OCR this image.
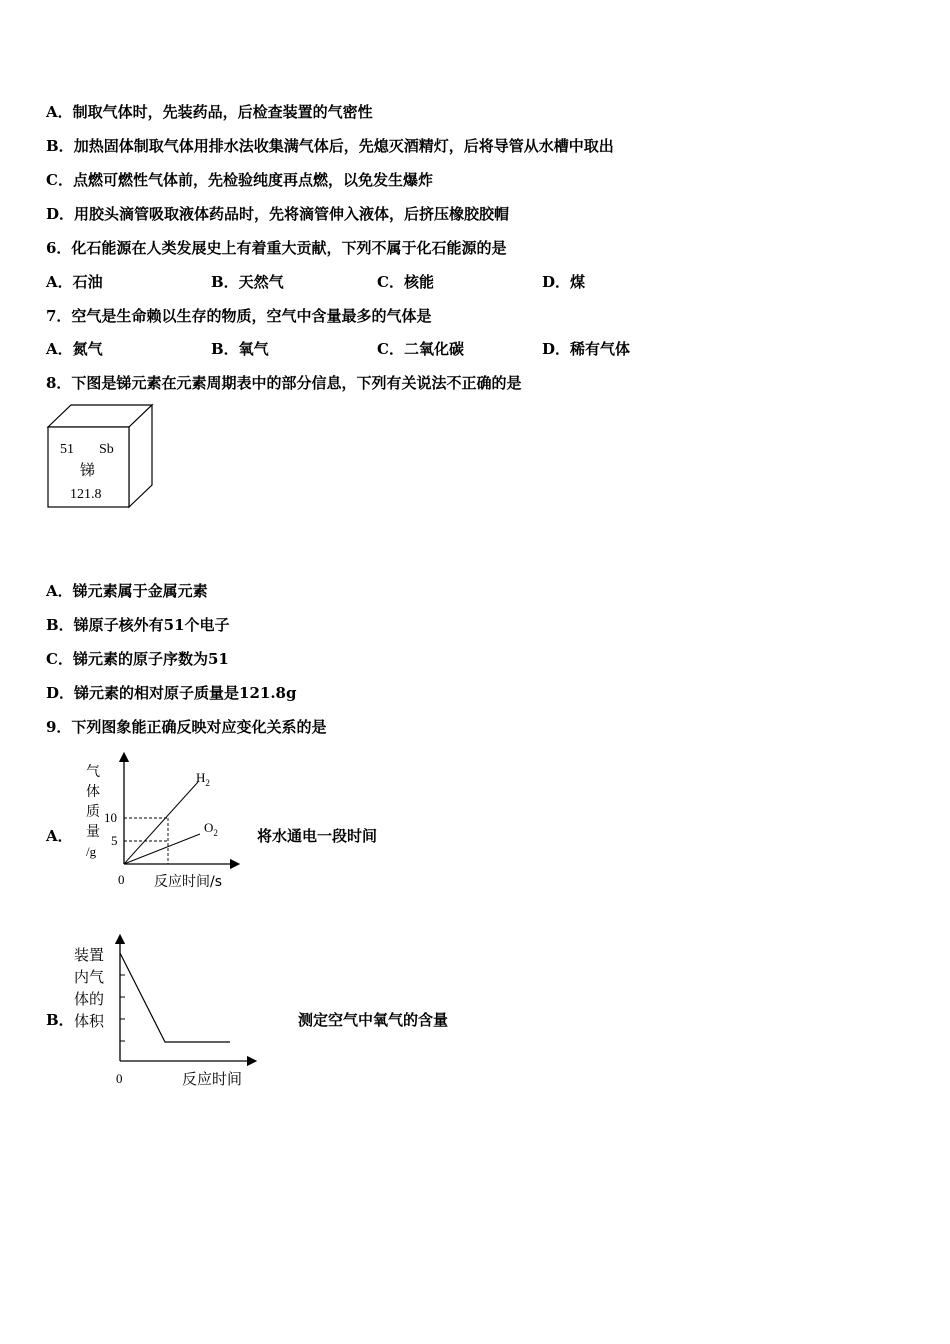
A．制取气体时，先装药品，后检查装置的气密性
B．加热固体制取气体用排水法收集满气体后，先熄灭酒精灯，后将导管从水槽中取出
C．点燃可燃性气体前，先检验纯度再点燃，以免发生爆炸
D．用胶头滴管吸取液体药品时，先将滴管伸入液体，后挤压橡胶胶帽
6．化石能源在人类发展史上有着重大贡献，下列不属于化石能源的是
A．石油	B．天然气	C．核能	D．煤
7．空气是生命赖以生存的物质，空气中含量最多的气体是
A．氮气	B．氧气	C．二氧化碳	D．稀有气体
8．下图是锑元素在元素周期表中的部分信息，下列有关说法不正确的是
51 Sb
锑
121.8
A．锑元素属于金属元素
B．锑原子核外有51个电子
C．锑元素的原子序数为51
D．锑元素的相对原子质量是121.8g
9．下列图象能正确反映对应变化关系的是
A．
气
体
质
量
/g
10
5
0
$H_2$
$O_2$
反应时间/s
将水通电一段时间
B．
装置
内气
体的
体积
0	反应时间
测定空气中氧气的含量
